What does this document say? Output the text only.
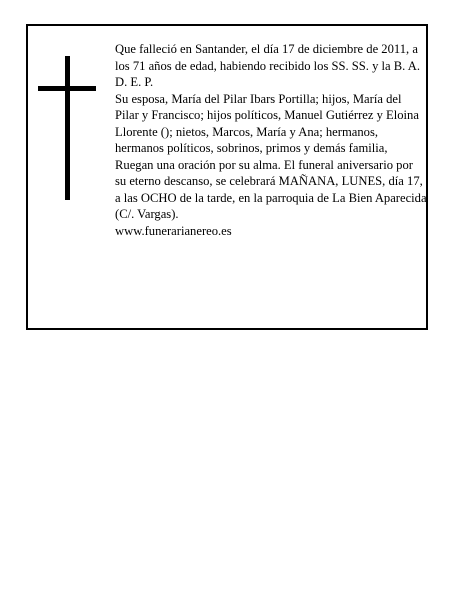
Que falleció en Santander, el día 17 de diciembre de 2011, a los 71 años de edad, habiendo recibido los SS. SS. y la B. A.

D. E. P.

Su esposa, María del Pilar Ibars Portilla; hijos, María del Pilar y Francisco; hijos políticos, Manuel Gutiérrez y Eloina Llorente (); nietos, Marcos, María y Ana; hermanos, hermanos políticos, sobrinos, primos y demás familia,

Ruegan una oración por su alma. El funeral aniversario por su eterno descanso, se celebrará MAÑANA, LUNES, día 17, a las OCHO de la tarde, en la parroquia de La Bien Aparecida (C/. Vargas).

www.funerarianereo.es
